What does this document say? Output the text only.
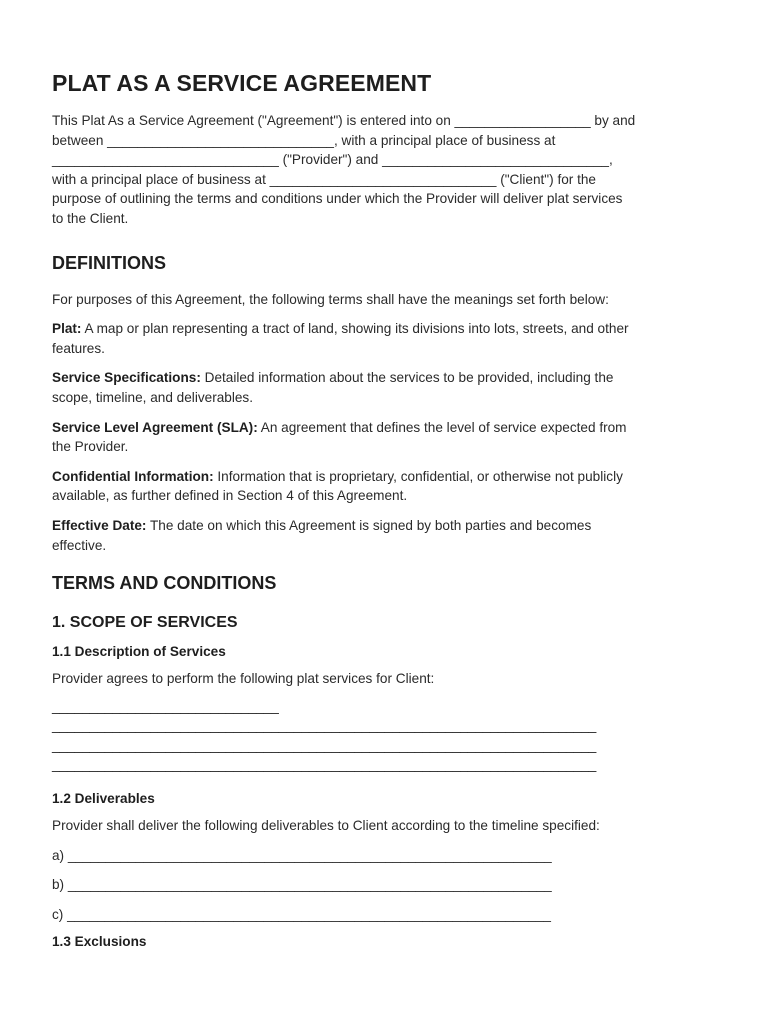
PLAT AS A SERVICE AGREEMENT

This Plat As a Service Agreement ("Agreement") is entered into on __________________ by and

between ______________________________, with a principal place of business at

______________________________ ("Provider") and ______________________________,

with a principal place of business at ______________________________ ("Client") for the

purpose of outlining the terms and conditions under which the Provider will deliver plat services

to the Client.

DEFINITIONS

For purposes of this Agreement, the following terms shall have the meanings set forth below:

Plat: A map or plan representing a tract of land, showing its divisions into lots, streets, and other

features.

Service Specifications: Detailed information about the services to be provided, including the

scope, timeline, and deliverables.

Service Level Agreement (SLA): An agreement that defines the level of service expected from

the Provider.

Confidential Information: Information that is proprietary, confidential, or otherwise not publicly

available, as further defined in Section 4 of this Agreement.

Effective Date: The date on which this Agreement is signed by both parties and becomes

effective.

TERMS AND CONDITIONS
1. SCOPE OF SERVICES
1.1 Description of Services

Provider agrees to perform the following plat services for Client:

______________________________
________________________________________________________________________
________________________________________________________________________
________________________________________________________________________
1.2 Deliverables

Provider shall deliver the following deliverables to Client according to the timeline specified:

a) ________________________________________________________________

b) ________________________________________________________________

c) ________________________________________________________________

1.3 Exclusions
